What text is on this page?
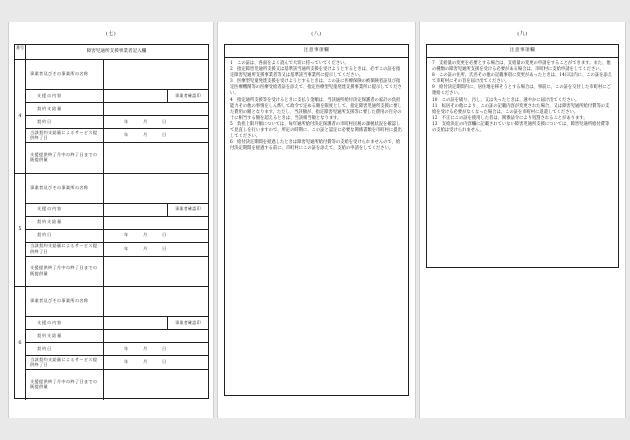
(七)
番号
障害児通所支援事業者記入欄
4
事業者及びその事業所の名称
支援の内容	事業者確認印
契約支給量
契約日	年	月	日
当該契約支給量によるサービス提供終了日
年	月	日
支援提供終了月中の終了日までの既提供量
5
事業者及びその事業所の名称
支援の内容	事業者確認印
契約支給量
契約日	年	月	日
当該契約支給量によるサービス提供終了日
年	月	日
支援提供終了月中の終了日までの既提供量
6
事業者及びその事業所の名称
支援の内容	事業者確認印
契約支給量
契約日	年	月	日
当該契約支給量によるサービス提供終了日
年	月	日
支援提供終了月中の終了日までの既提供量
(八)
注意事項欄

1　この証は、各面をよく読んで大切に持っていてください。

2　指定障害児通所支援又は基準該当通所支援を受けようとするときは、必ずこの証を指定障害児通所支援事業者等又は基準該当事業所に提示してください。

3　医療型児童発達支援を受けようとするときは、この証に医療保険の被保険者証及び指定医療機関等の医療受給者証を添えて、指定医療型児童発達支援事業所に提示してください。

4　指定通所支援等を受けるときに支払う金額は、当該通所給付決定保護者の家計の負担能力その他の事情をしん酌して政令で定める額を限度として、指定障害児通所支援に要した費用の額となります。ただし、当該額が、指定障害児通所支援等に要した費用の百分の十に相当する額を超えるときは、当該相当額となります。

5　負担上限月額については、毎年通所給付決定保護者の市町村民税の課税状況を確認して見直しを行いますので、所定の時期に、この証と認定に必要な関係書類を市町村に提出してください。

6　給付決定期間を経過したときは障害児通所給付費等の支給を受けられませんので、給付決定期間を経過する前に、市町村にこの証を添えて、支給の申請をしてください。

(九)
注意事項欄

7　支給量の変更を必要とする場合は、支給量の変更の申請をすることができます。また、他の種類の障害児通所支援を受ける必要がある場合は、市町村に支給申請をしてください。

8　この証の住所、氏名その他の記載事項に変更があったときは、14日以内に、この証を添えて市町村にその旨を届け出てください。

9　給付決定期間内に、居住地を移そうとする場合は、事前に、この証を交付した市町村にご連絡ください。

10　この証を破り、汚し、又は失ったときは、速やかに届け出てください。

11　転居その他により、この証の記載内容が変更された場合、又は障害児通所給付費等の支給を受ける必要がなくなった場合は、この証を市町村に返還してください。

12　不正にこの証を使用した者は、関係法令により処罰されることがあります。

13　支給決定の内容欄に記載されていない障害児通所支援については、障害児通所給付費等の支給は受けられません。
